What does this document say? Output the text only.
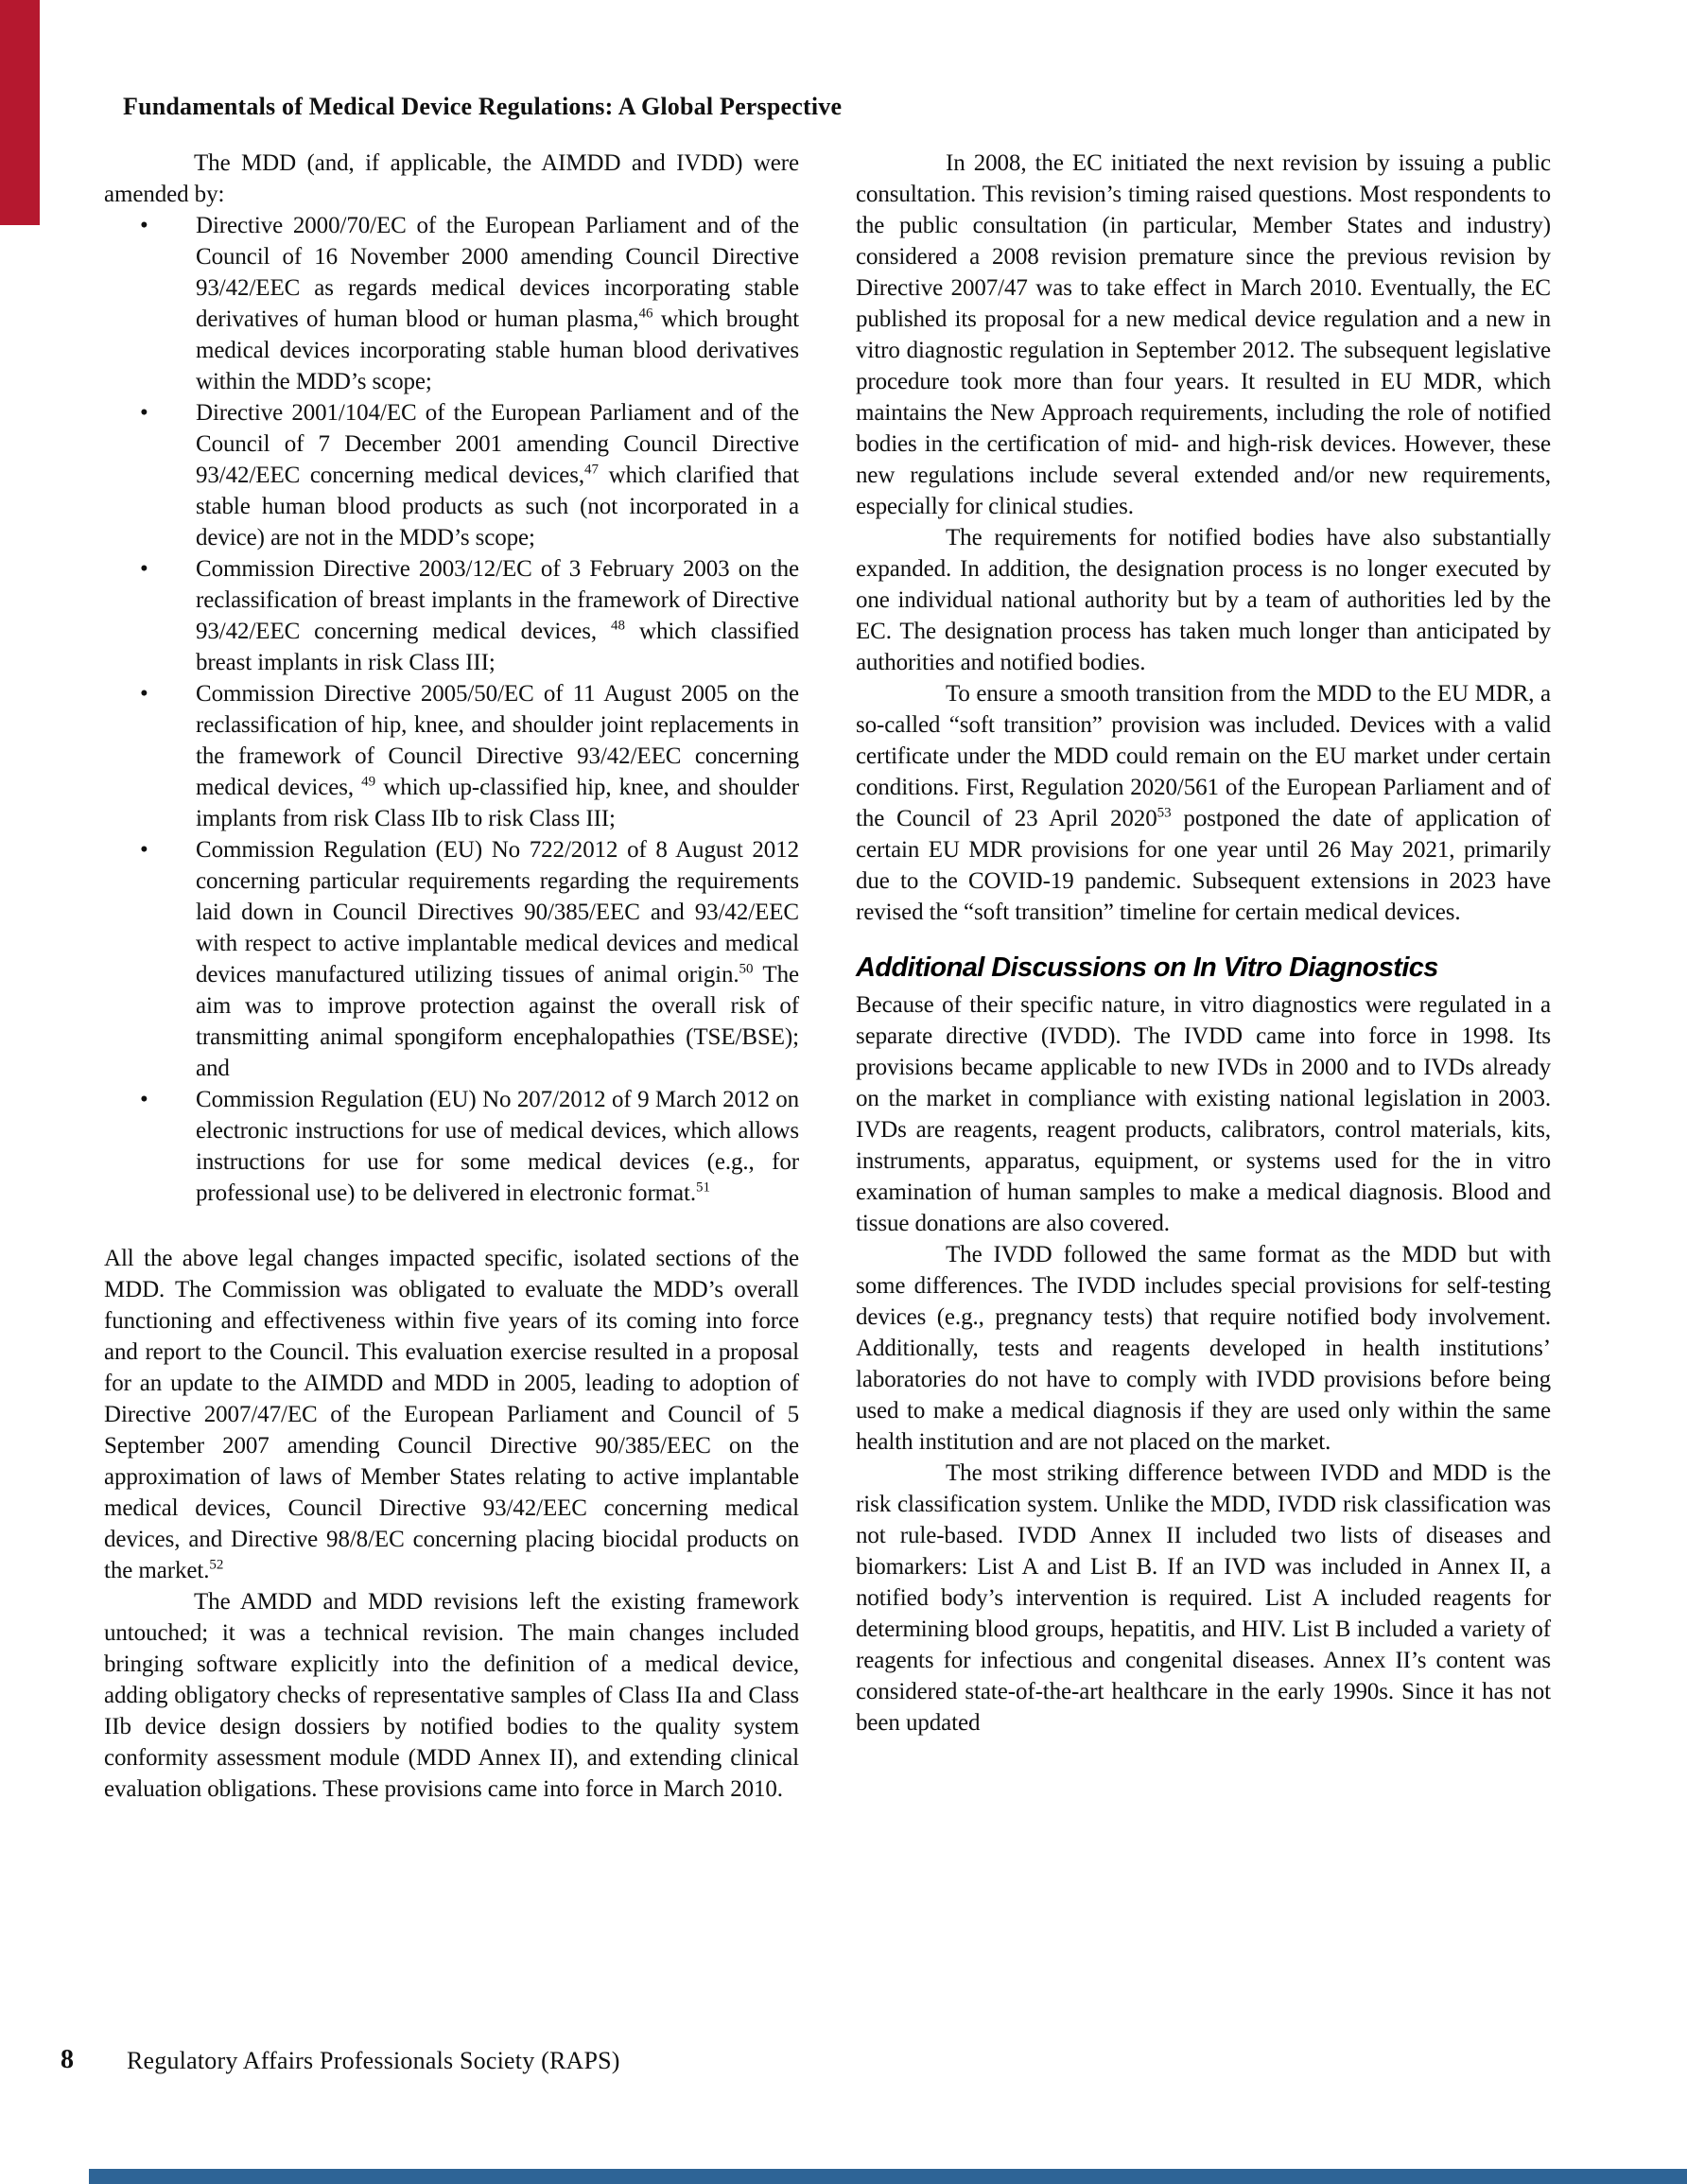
Fundamentals of Medical Device Regulations: A Global Perspective

The MDD (and, if applicable, the AIMDD and IVDD) were amended by:

• Directive 2000/70/EC of the European Parliament and of the Council of 16 November 2000 amending Council Directive 93/42/EEC as regards medical devices incorporating stable derivatives of human blood or human plasma,$^{46}$ which brought medical devices incorporating stable human blood derivatives within the MDD’s scope;
• Directive 2001/104/EC of the European Parliament and of the Council of 7 December 2001 amending Council Directive 93/42/EEC concerning medical devices,$^{47}$ which clarified that stable human blood products as such (not incorporated in a device) are not in the MDD’s scope;
• Commission Directive 2003/12/EC of 3 February 2003 on the reclassification of breast implants in the framework of Directive 93/42/EEC concerning medical devices, $^{48}$ which classified breast implants in risk Class III;
• Commission Directive 2005/50/EC of 11 August 2005 on the reclassification of hip, knee, and shoulder joint replacements in the framework of Council Directive 93/42/EEC concerning medical devices, $^{49}$ which up-classified hip, knee, and shoulder implants from risk Class IIb to risk Class III;
• Commission Regulation (EU) No 722/2012 of 8 August 2012 concerning particular requirements regarding the requirements laid down in Council Directives 90/385/EEC and 93/42/EEC with respect to active implantable medical devices and medical devices manufactured utilizing tissues of animal origin.$^{50}$ The aim was to improve protection against the overall risk of transmitting animal spongiform encephalopathies (TSE/BSE); and
• Commission Regulation (EU) No 207/2012 of 9 March 2012 on electronic instructions for use of medical devices, which allows instructions for use for some medical devices (e.g., for professional use) to be delivered in electronic format.$^{51}$

All the above legal changes impacted specific, isolated sections of the MDD. The Commission was obligated to evaluate the MDD’s overall functioning and effectiveness within five years of its coming into force and report to the Council. This evaluation exercise resulted in a proposal for an update to the AIMDD and MDD in 2005, leading to adoption of Directive 2007/47/EC of the European Parliament and Council of 5 September 2007 amending Council Directive 90/385/EEC on the approximation of laws of Member States relating to active implantable medical devices, Council Directive 93/42/EEC concerning medical devices, and Directive 98/8/EC concerning placing biocidal products on the market.$^{52}$

The AMDD and MDD revisions left the existing framework untouched; it was a technical revision. The main changes included bringing software explicitly into the definition of a medical device, adding obligatory checks of representative samples of Class IIa and Class IIb device design dossiers by notified bodies to the quality system conformity assessment module (MDD Annex II), and extending clinical evaluation obligations. These provisions came into force in March 2010.

In 2008, the EC initiated the next revision by issuing a public consultation. This revision’s timing raised questions. Most respondents to the public consultation (in particular, Member States and industry) considered a 2008 revision premature since the previous revision by Directive 2007/47 was to take effect in March 2010. Eventually, the EC published its proposal for a new medical device regulation and a new in vitro diagnostic regulation in September 2012. The subsequent legislative procedure took more than four years. It resulted in EU MDR, which maintains the New Approach requirements, including the role of notified bodies in the certification of mid- and high-risk devices. However, these new regulations include several extended and/or new requirements, especially for clinical studies.

The requirements for notified bodies have also substantially expanded. In addition, the designation process is no longer executed by one individual national authority but by a team of authorities led by the EC. The designation process has taken much longer than anticipated by authorities and notified bodies.

To ensure a smooth transition from the MDD to the EU MDR, a so-called “soft transition” provision was included. Devices with a valid certificate under the MDD could remain on the EU market under certain conditions. First, Regulation 2020/561 of the European Parliament and of the Council of 23 April 2020$^{53}$ postponed the date of application of certain EU MDR provisions for one year until 26 May 2021, primarily due to the COVID-19 pandemic. Subsequent extensions in 2023 have revised the “soft transition” timeline for certain medical devices.

Additional Discussions on In Vitro Diagnostics

Because of their specific nature, in vitro diagnostics were regulated in a separate directive (IVDD). The IVDD came into force in 1998. Its provisions became applicable to new IVDs in 2000 and to IVDs already on the market in compliance with existing national legislation in 2003. IVDs are reagents, reagent products, calibrators, control materials, kits, instruments, apparatus, equipment, or systems used for the in vitro examination of human samples to make a medical diagnosis. Blood and tissue donations are also covered.

The IVDD followed the same format as the MDD but with some differences. The IVDD includes special provisions for self-testing devices (e.g., pregnancy tests) that require notified body involvement. Additionally, tests and reagents developed in health institutions’ laboratories do not have to comply with IVDD provisions before being used to make a medical diagnosis if they are used only within the same health institution and are not placed on the market.

The most striking difference between IVDD and MDD is the risk classification system. Unlike the MDD, IVDD risk classification was not rule-based. IVDD Annex II included two lists of diseases and biomarkers: List A and List B. If an IVD was included in Annex II, a notified body’s intervention is required. List A included reagents for determining blood groups, hepatitis, and HIV. List B included a variety of reagents for infectious and congenital diseases. Annex II’s content was considered state-of-the-art healthcare in the early 1990s. Since it has not been updated

8 Regulatory Affairs Professionals Society (RAPS)
